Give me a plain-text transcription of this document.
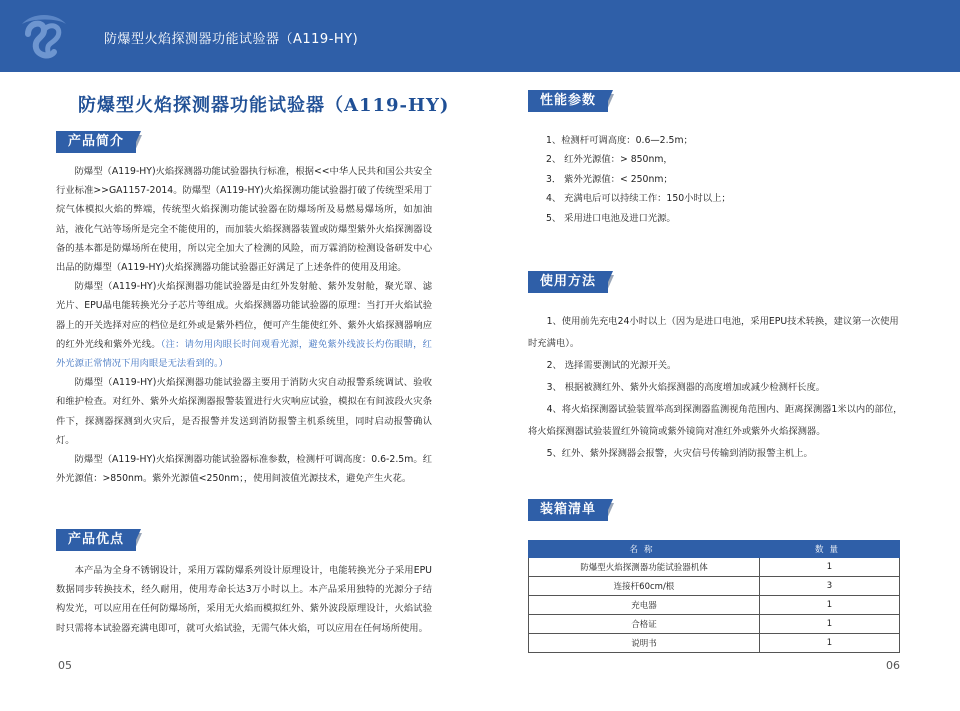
防爆型火焰探测器功能试验器（A119-HY)
防爆型火焰探测器功能试验器（A119-HY)
产品简介

防爆型（A119-HY)火焰探测器功能试验器执行标准，根据<<中华人民共和国公共安全行业标准>>GA1157-2014。防爆型（A119-HY)火焰探测功能试验器打破了传统型采用丁烷气体模拟火焰的弊端，传统型火焰探测功能试验器在防爆场所及易燃易爆场所，如加油站，液化气站等场所是完全不能使用的，而加装火焰探测器装置或防爆型紫外火焰探测器设备的基本都是防爆场所在使用，所以完全加大了检测的风险，而万霖消防检测设备研发中心出品的防爆型（A119-HY)火焰探测器功能试验器正好满足了上述条件的使用及用途。

防爆型（A119-HY)火焰探测器功能试验器是由红外发射舱、紫外发射舱，聚光罩、滤光片、EPU晶电能转换光分子芯片等组成。火焰探测器功能试验器的原理：当打开火焰试验器上的开关选择对应的档位是红外或是紫外档位，便可产生能使红外、紫外火焰探测器响应的红外光线和紫外光线。（注：请勿用肉眼长时间观看光源，避免紫外线波长灼伤眼睛，红外光源正常情况下用肉眼是无法看到的。）

防爆型（A119-HY)火焰探测器功能试验器主要用于消防火灾自动报警系统调试、验收和维护检查。对红外、紫外火焰探测器报警装置进行火灾响应试验，模拟在有间波段火灾条件下，探测器探测到火灾后，是否报警并发送到消防报警主机系统里，同时启动报警确认灯。

防爆型（A119-HY)火焰探测器功能试验器标准参数，检测杆可调高度：0.6-2.5m。红外光源值：>850nm。紫外光源值<250nm；，使用间波值光源技术，避免产生火花。

产品优点

本产品为全身不锈钢设计，采用万霖防爆系列设计原理设计，电能转换光分子采用EPU数据同步转换技术，经久耐用，使用寿命长达3万小时以上。本产品采用独特的光源分子结构发光，可以应用在任何防爆场所，采用无火焰而模拟红外、紫外波段原理设计，火焰试验时只需将本试验器充满电即可，就可火焰试验，无需气体火焰，可以应用在任何场所使用。

性能参数
1、检测杆可调高度：0.6—2.5m；
2、 红外光源值：> 850nm，
3． 紫外光源值：< 250nm；
4、 充满电后可以持续工作：150小时以上；
5、 采用进口电池及进口光源。
使用方法

1、使用前先充电24小时以上（因为是进口电池，采用EPU技术转换，建议第一次使用时充满电）。

2、 选择需要测试的光源开关。

3、 根据被测红外、紫外火焰探测器的高度增加或减少检测杆长度。

4、将火焰探测器试验装置举高到探测器监测视角范围内、距离探测器1米以内的部位，将火焰探测器试验装置红外镜筒或紫外镜筒对准红外或紫外火焰探测器。

5、红外、紫外探测器会报警，火灾信号传输到消防报警主机上。

装箱清单
名称	数量
防爆型火焰探测器功能试验器机体	1
连接杆60cm/根	3
充电器	1
合格证	1
说明书	1
05	06
